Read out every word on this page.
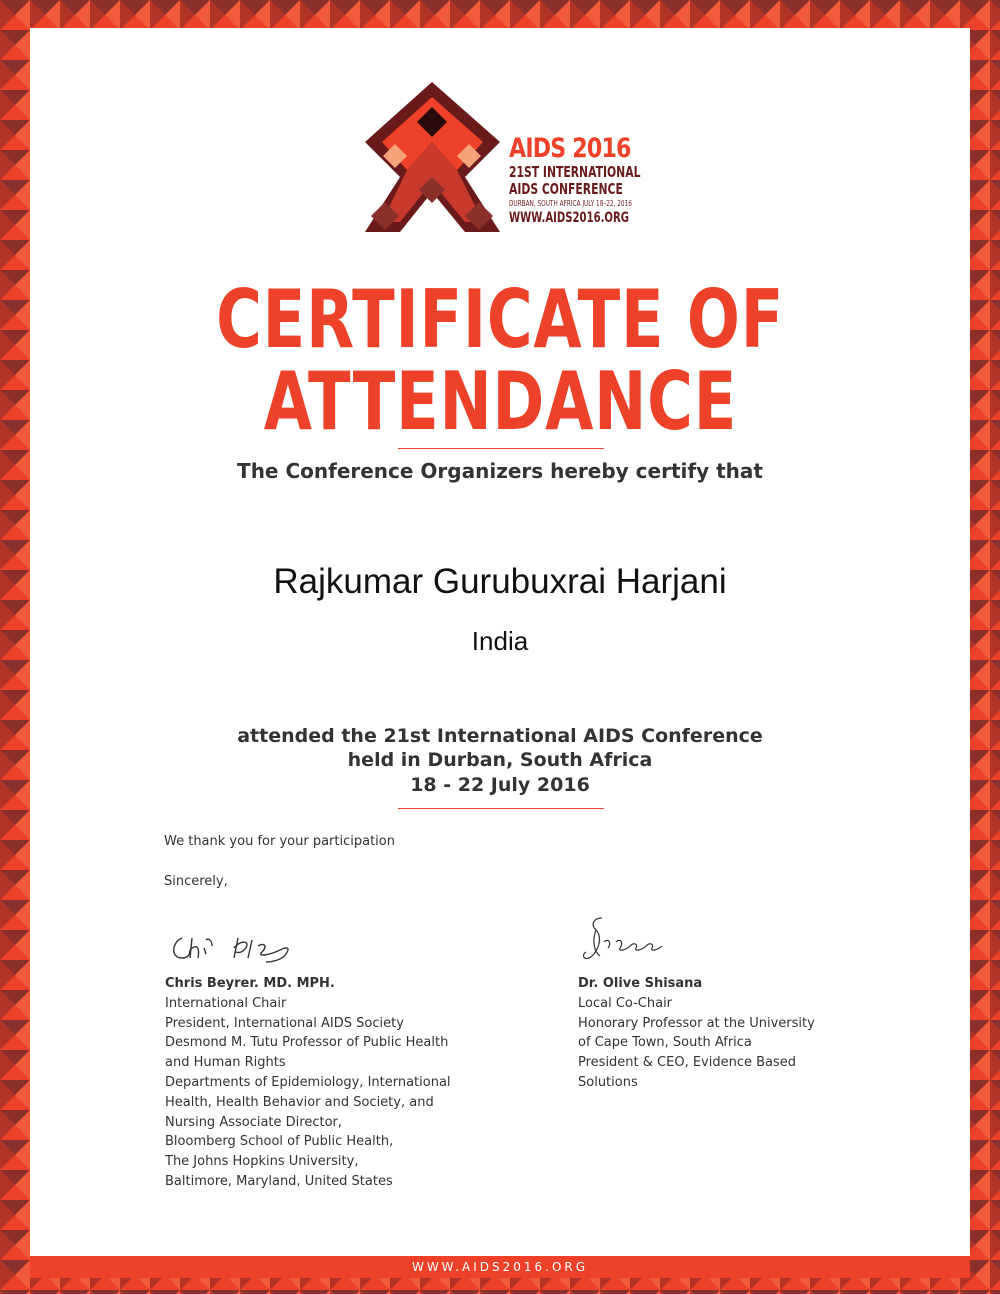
AIDS 2016
21ST INTERNATIONAL
AIDS CONFERENCE
DURBAN, SOUTH AFRICA JULY 18–22, 2016
WWW.AIDS2016.ORG
CERTIFICATE OF
ATTENDANCE
The Conference Organizers hereby certify that
Rajkumar Gurubuxrai Harjani
India
attended the 21st International AIDS Conference
held in Durban, South Africa
18 - 22 July 2016
We thank you for your participation
Sincerely,
Chris Beyrer. MD. MPH.
International Chair
President, International AIDS Society
Desmond M. Tutu Professor of Public Health
and Human Rights
Departments of Epidemiology, International
Health, Health Behavior and Society, and
Nursing Associate Director,
Bloomberg School of Public Health,
The Johns Hopkins University,
Baltimore, Maryland, United States
Dr. Olive Shisana
Local Co-Chair
Honorary Professor at the University
of Cape Town, South Africa
President & CEO, Evidence Based
Solutions
WWW.AIDS2016.ORG
